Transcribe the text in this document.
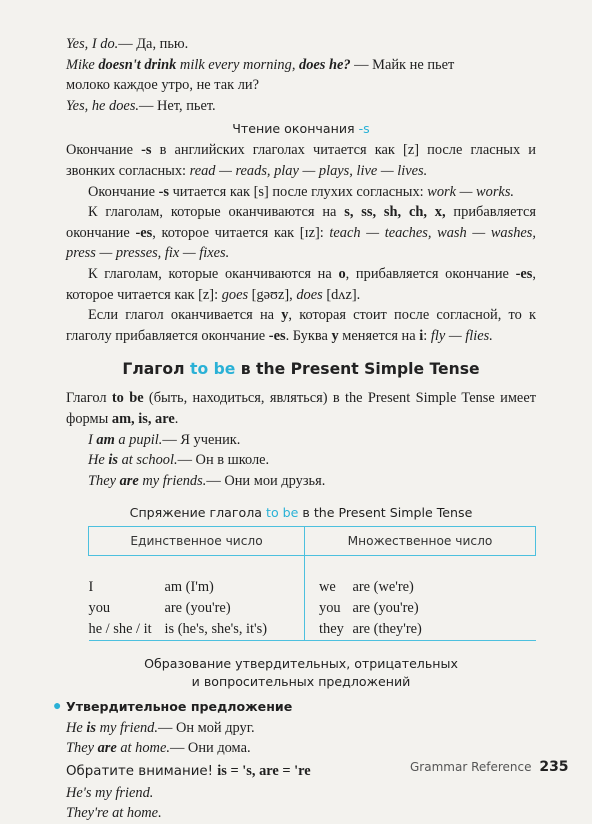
Yes, I do.— Да, пью.

Mike doesn't drink milk every morning, does he? — Майк не пьет

молоко каждое утро, не так ли?

Yes, he does.— Нет, пьет.

Чтение окончания -s

Окончание -s в английских глаголах читается как [z] после гласных и звонких согласных: read — reads, play — plays, live — lives.

Окончание -s читается как [s] после глухих согласных: work — works.

К глаголам, которые оканчиваются на s, ss, sh, ch, x, прибавляется окончание -es, которое читается как [ɪz]: teach — teaches, wash — washes, press — presses, fix — fixes.

К глаголам, которые оканчиваются на o, прибавляется окончание -es, которое читается как [z]: goes [gəʊz], does [dʌz].

Если глагол оканчивается на y, которая стоит после согласной, то к глаголу прибавляется окончание -es. Буква y меняется на i: fly — flies.

Глагол to be в the Present Simple Tense

Глагол to be (быть, находиться, являться) в the Present Simple Tense имеет формы am, is, are.

I am a pupil.— Я ученик.

He is at school.— Он в школе.

They are my friends.— Они мои друзья.

Спряжение глагола to be в the Present Simple Tense
Единственное число		Множественное число	

I	am (I'm)	we	are (we're)
you	are (you're)	you	are (you're)
he / she / it	is (he's, she's, it's)	they	are (they're)
Образование утвердительных, отрицательных
и вопросительных предложений

● Утвердительное предложение

He is my friend.— Он мой друг.

They are at home.— Они дома.

Обратите внимание! is = 's, are = 're

He's my friend.

They're at home.

Grammar Reference 235
